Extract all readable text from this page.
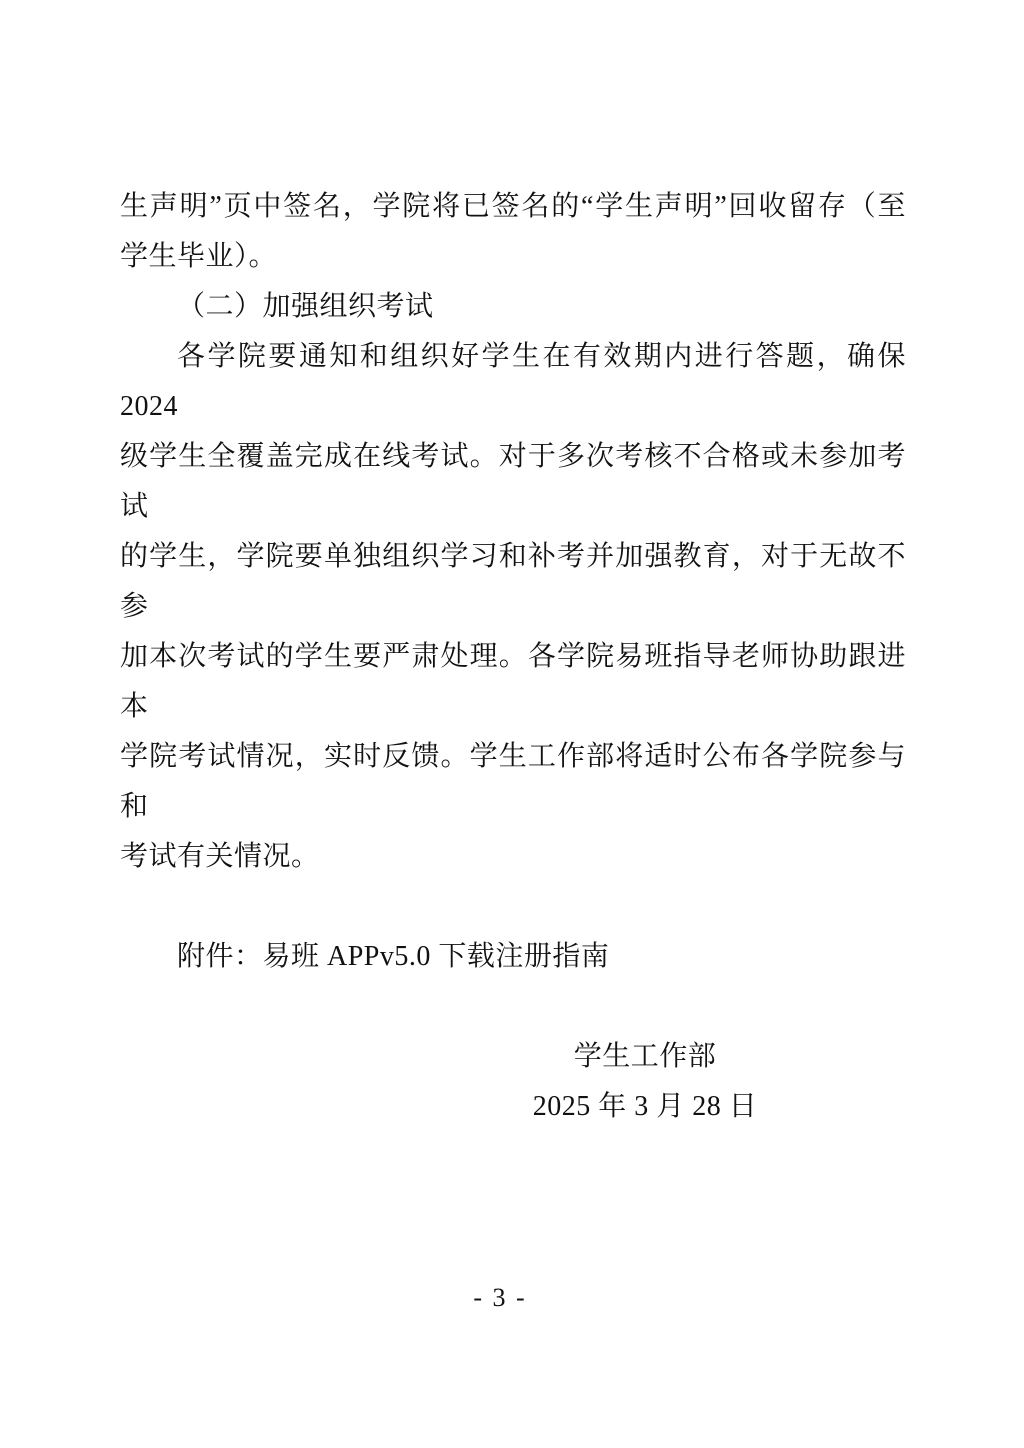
生声明”页中签名，学院将已签名的“学生声明”回收留存（至
学生毕业）。
（二）加强组织考试
各学院要通知和组织好学生在有效期内进行答题，确保 2024
级学生全覆盖完成在线考试。对于多次考核不合格或未参加考试
的学生，学院要单独组织学习和补考并加强教育，对于无故不参
加本次考试的学生要严肃处理。各学院易班指导老师协助跟进本
学院考试情况，实时反馈。学生工作部将适时公布各学院参与和
考试有关情况。
附件：易班 APPv5.0 下载注册指南
学生工作部
2025 年 3 月 28 日
- 3 -
